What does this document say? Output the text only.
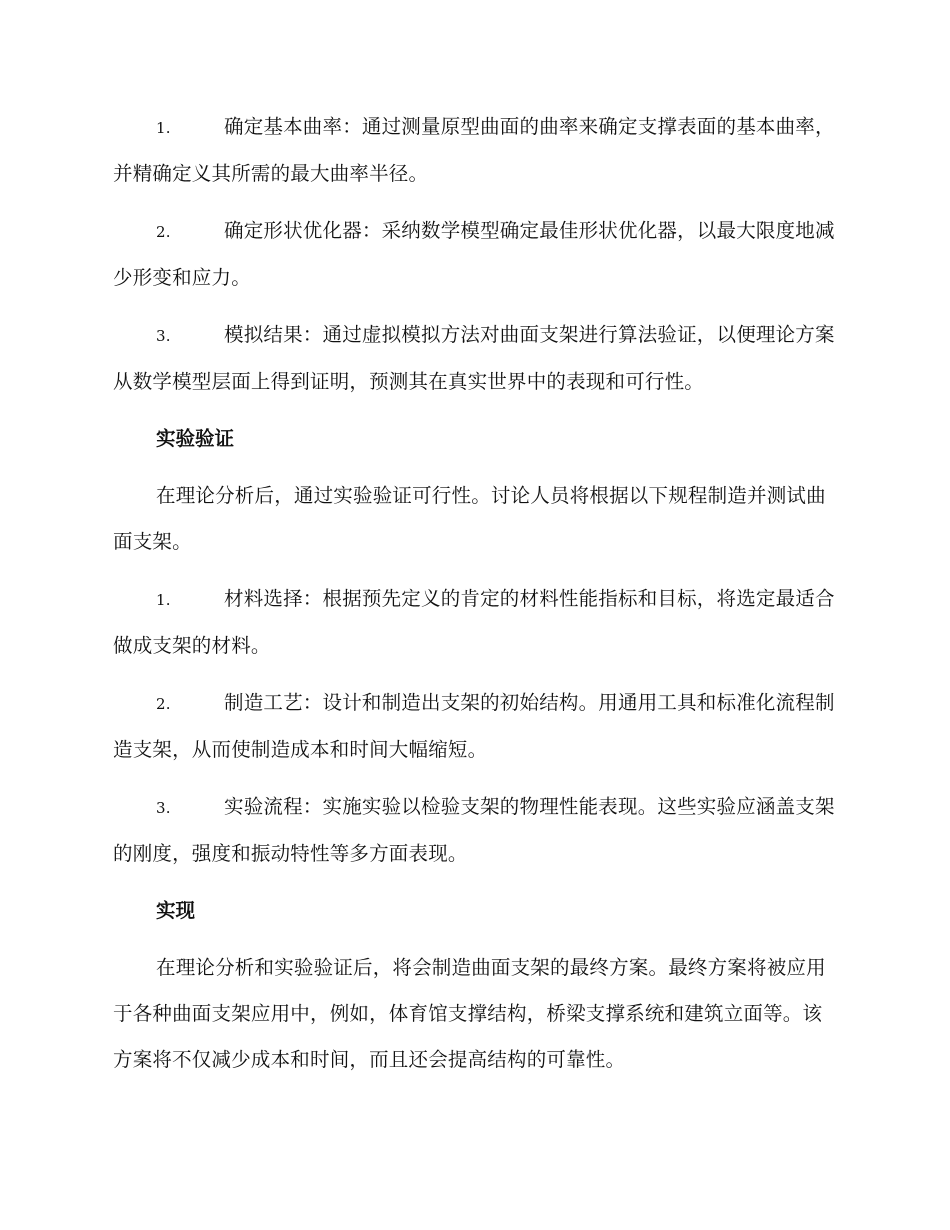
1.	确定基本曲率：通过测量原型曲面的曲率来确定支撑表面的基本曲率，并精确定义其所需的最大曲率半径。
2.	确定形状优化器：采纳数学模型确定最佳形状优化器，以最大限度地减少形变和应力。
3.	模拟结果：通过虚拟模拟方法对曲面支架进行算法验证，以便理论方案从数学模型层面上得到证明，预测其在真实世界中的表现和可行性。
实验验证
在理论分析后，通过实验验证可行性。讨论人员将根据以下规程制造并测试曲面支架。
1.	材料选择：根据预先定义的肯定的材料性能指标和目标，将选定最适合做成支架的材料。
2.	制造工艺：设计和制造出支架的初始结构。用通用工具和标准化流程制造支架，从而使制造成本和时间大幅缩短。
3.	实验流程：实施实验以检验支架的物理性能表现。这些实验应涵盖支架的刚度，强度和振动特性等多方面表现。
实现
在理论分析和实验验证后，将会制造曲面支架的最终方案。最终方案将被应用于各种曲面支架应用中，例如，体育馆支撑结构，桥梁支撑系统和建筑立面等。该方案将不仅减少成本和时间，而且还会提高结构的可靠性。
